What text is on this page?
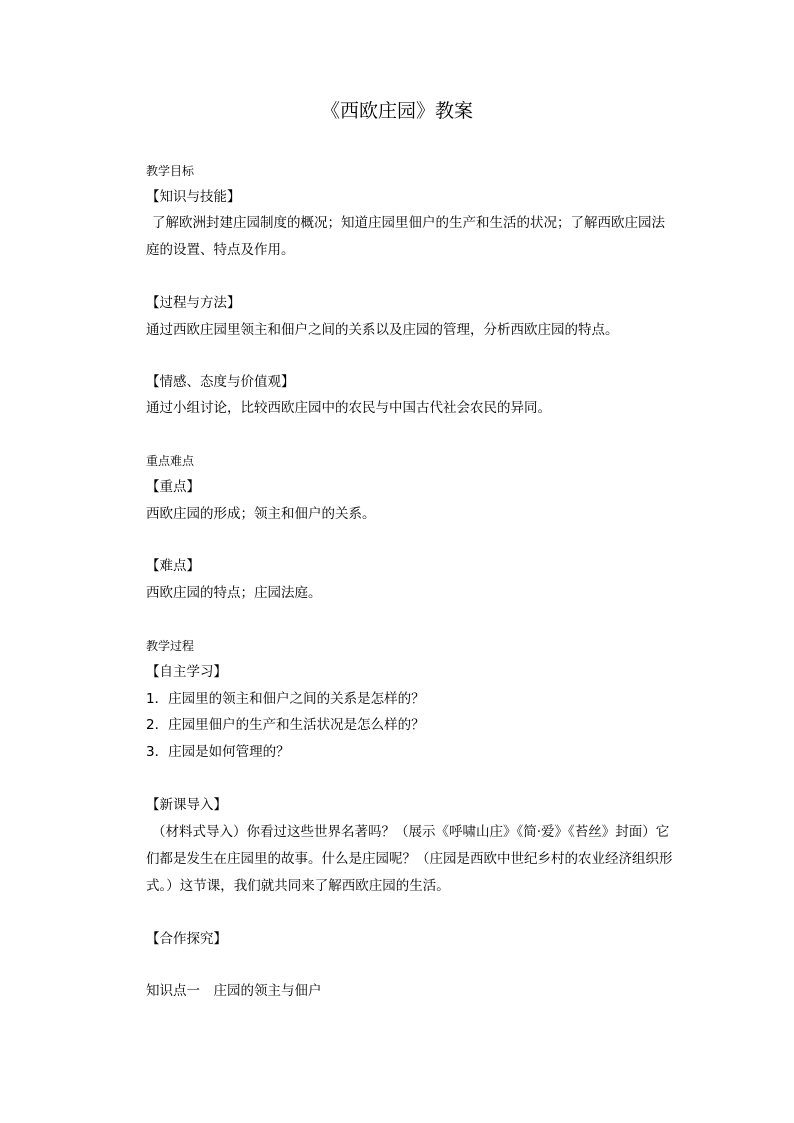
《西欧庄园》教案

教学目标

【知识与技能】

了解欧洲封建庄园制度的概况；知道庄园里佃户的生产和生活的状况；了解西欧庄园法

庭的设置、特点及作用。

【过程与方法】

通过西欧庄园里领主和佃户之间的关系以及庄园的管理，分析西欧庄园的特点。

【情感、态度与价值观】

通过小组讨论，比较西欧庄园中的农民与中国古代社会农民的异同。

重点难点

【重点】

西欧庄园的形成；领主和佃户的关系。

【难点】

西欧庄园的特点；庄园法庭。

教学过程

【自主学习】

1．庄园里的领主和佃户之间的关系是怎样的？

2．庄园里佃户的生产和生活状况是怎么样的？

3．庄园是如何管理的？

【新课导入】

（材料式导入）你看过这些世界名著吗？（展示《呼啸山庄》《简·爱》《苔丝》封面）它

们都是发生在庄园里的故事。什么是庄园呢？（庄园是西欧中世纪乡村的农业经济组织形

式。）这节课，我们就共同来了解西欧庄园的生活。

【合作探究】

知识点一　庄园的领主与佃户
